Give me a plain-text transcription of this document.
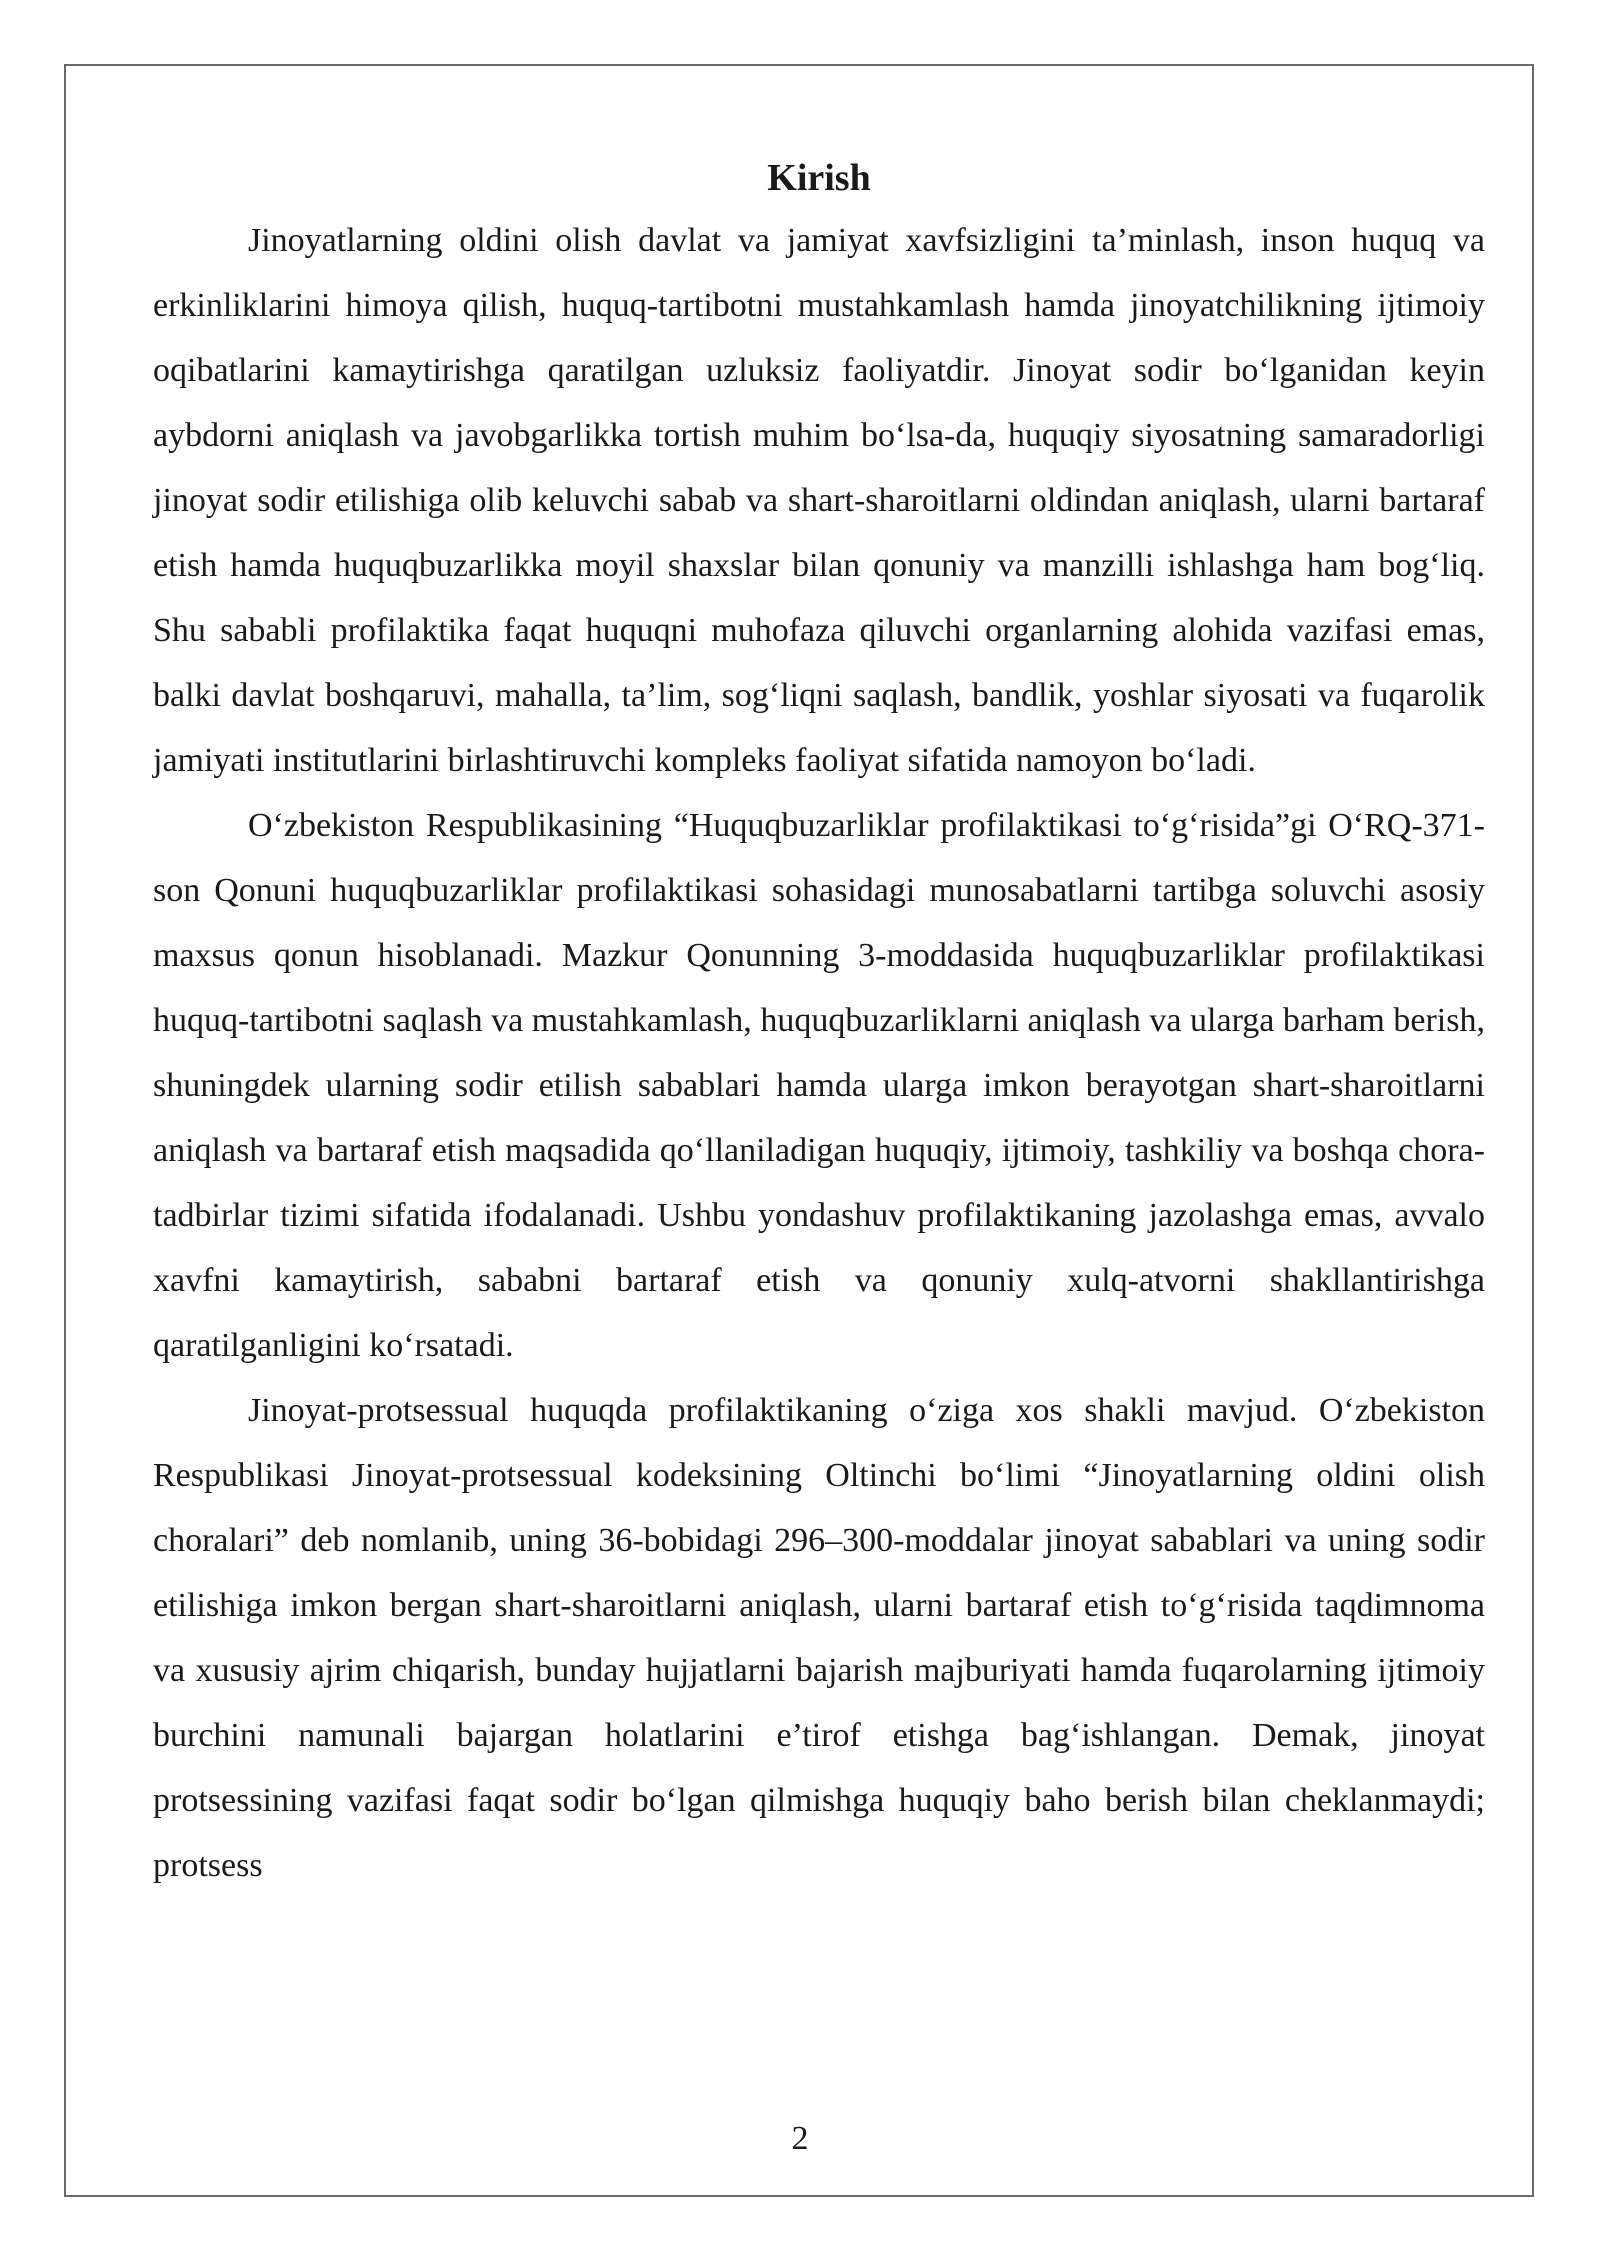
Kirish

Jinoyatlarning oldini olish davlat va jamiyat xavfsizligini ta’minlash, inson huquq va erkinliklarini himoya qilish, huquq-tartibotni mustahkamlash hamda jinoyatchilikning ijtimoiy oqibatlarini kamaytirishga qaratilgan uzluksiz faoliyatdir. Jinoyat sodir bo‘lganidan keyin aybdorni aniqlash va javobgarlikka tortish muhim bo‘lsa-da, huquqiy siyosatning samaradorligi jinoyat sodir etilishiga olib keluvchi sabab va shart-sharoitlarni oldindan aniqlash, ularni bartaraf etish hamda huquqbuzarlikka moyil shaxslar bilan qonuniy va manzilli ishlashga ham bog‘liq. Shu sababli profilaktika faqat huquqni muhofaza qiluvchi organlarning alohida vazifasi emas, balki davlat boshqaruvi, mahalla, ta’lim, sog‘liqni saqlash, bandlik, yoshlar siyosati va fuqarolik jamiyati institutlarini birlashtiruvchi kompleks faoliyat sifatida namoyon bo‘ladi.

O‘zbekiston Respublikasining “Huquqbuzarliklar profilaktikasi to‘g‘risida”gi O‘RQ-371-son Qonuni huquqbuzarliklar profilaktikasi sohasidagi munosabatlarni tartibga soluvchi asosiy maxsus qonun hisoblanadi. Mazkur Qonunning 3-moddasida huquqbuzarliklar profilaktikasi huquq-tartibotni saqlash va mustahkamlash, huquqbuzarliklarni aniqlash va ularga barham berish, shuningdek ularning sodir etilish sabablari hamda ularga imkon berayotgan shart-sharoitlarni aniqlash va bartaraf etish maqsadida qo‘llaniladigan huquqiy, ijtimoiy, tashkiliy va boshqa chora-tadbirlar tizimi sifatida ifodalanadi. Ushbu yondashuv profilaktikaning jazolashga emas, avvalo xavfni kamaytirish, sababni bartaraf etish va qonuniy xulq-atvorni shakllantirishga qaratilganligini ko‘rsatadi.

Jinoyat-protsessual huquqda profilaktikaning o‘ziga xos shakli mavjud. O‘zbekiston Respublikasi Jinoyat-protsessual kodeksining Oltinchi bo‘limi “Jinoyatlarning oldini olish choralari” deb nomlanib, uning 36-bobidagi 296–300-moddalar jinoyat sabablari va uning sodir etilishiga imkon bergan shart-sharoitlarni aniqlash, ularni bartaraf etish to‘g‘risida taqdimnoma va xususiy ajrim chiqarish, bunday hujjatlarni bajarish majburiyati hamda fuqarolarning ijtimoiy burchini namunali bajargan holatlarini e’tirof etishga bag‘ishlangan. Demak, jinoyat protsessining vazifasi faqat sodir bo‘lgan qilmishga huquqiy baho berish bilan cheklanmaydi; protsess

2
